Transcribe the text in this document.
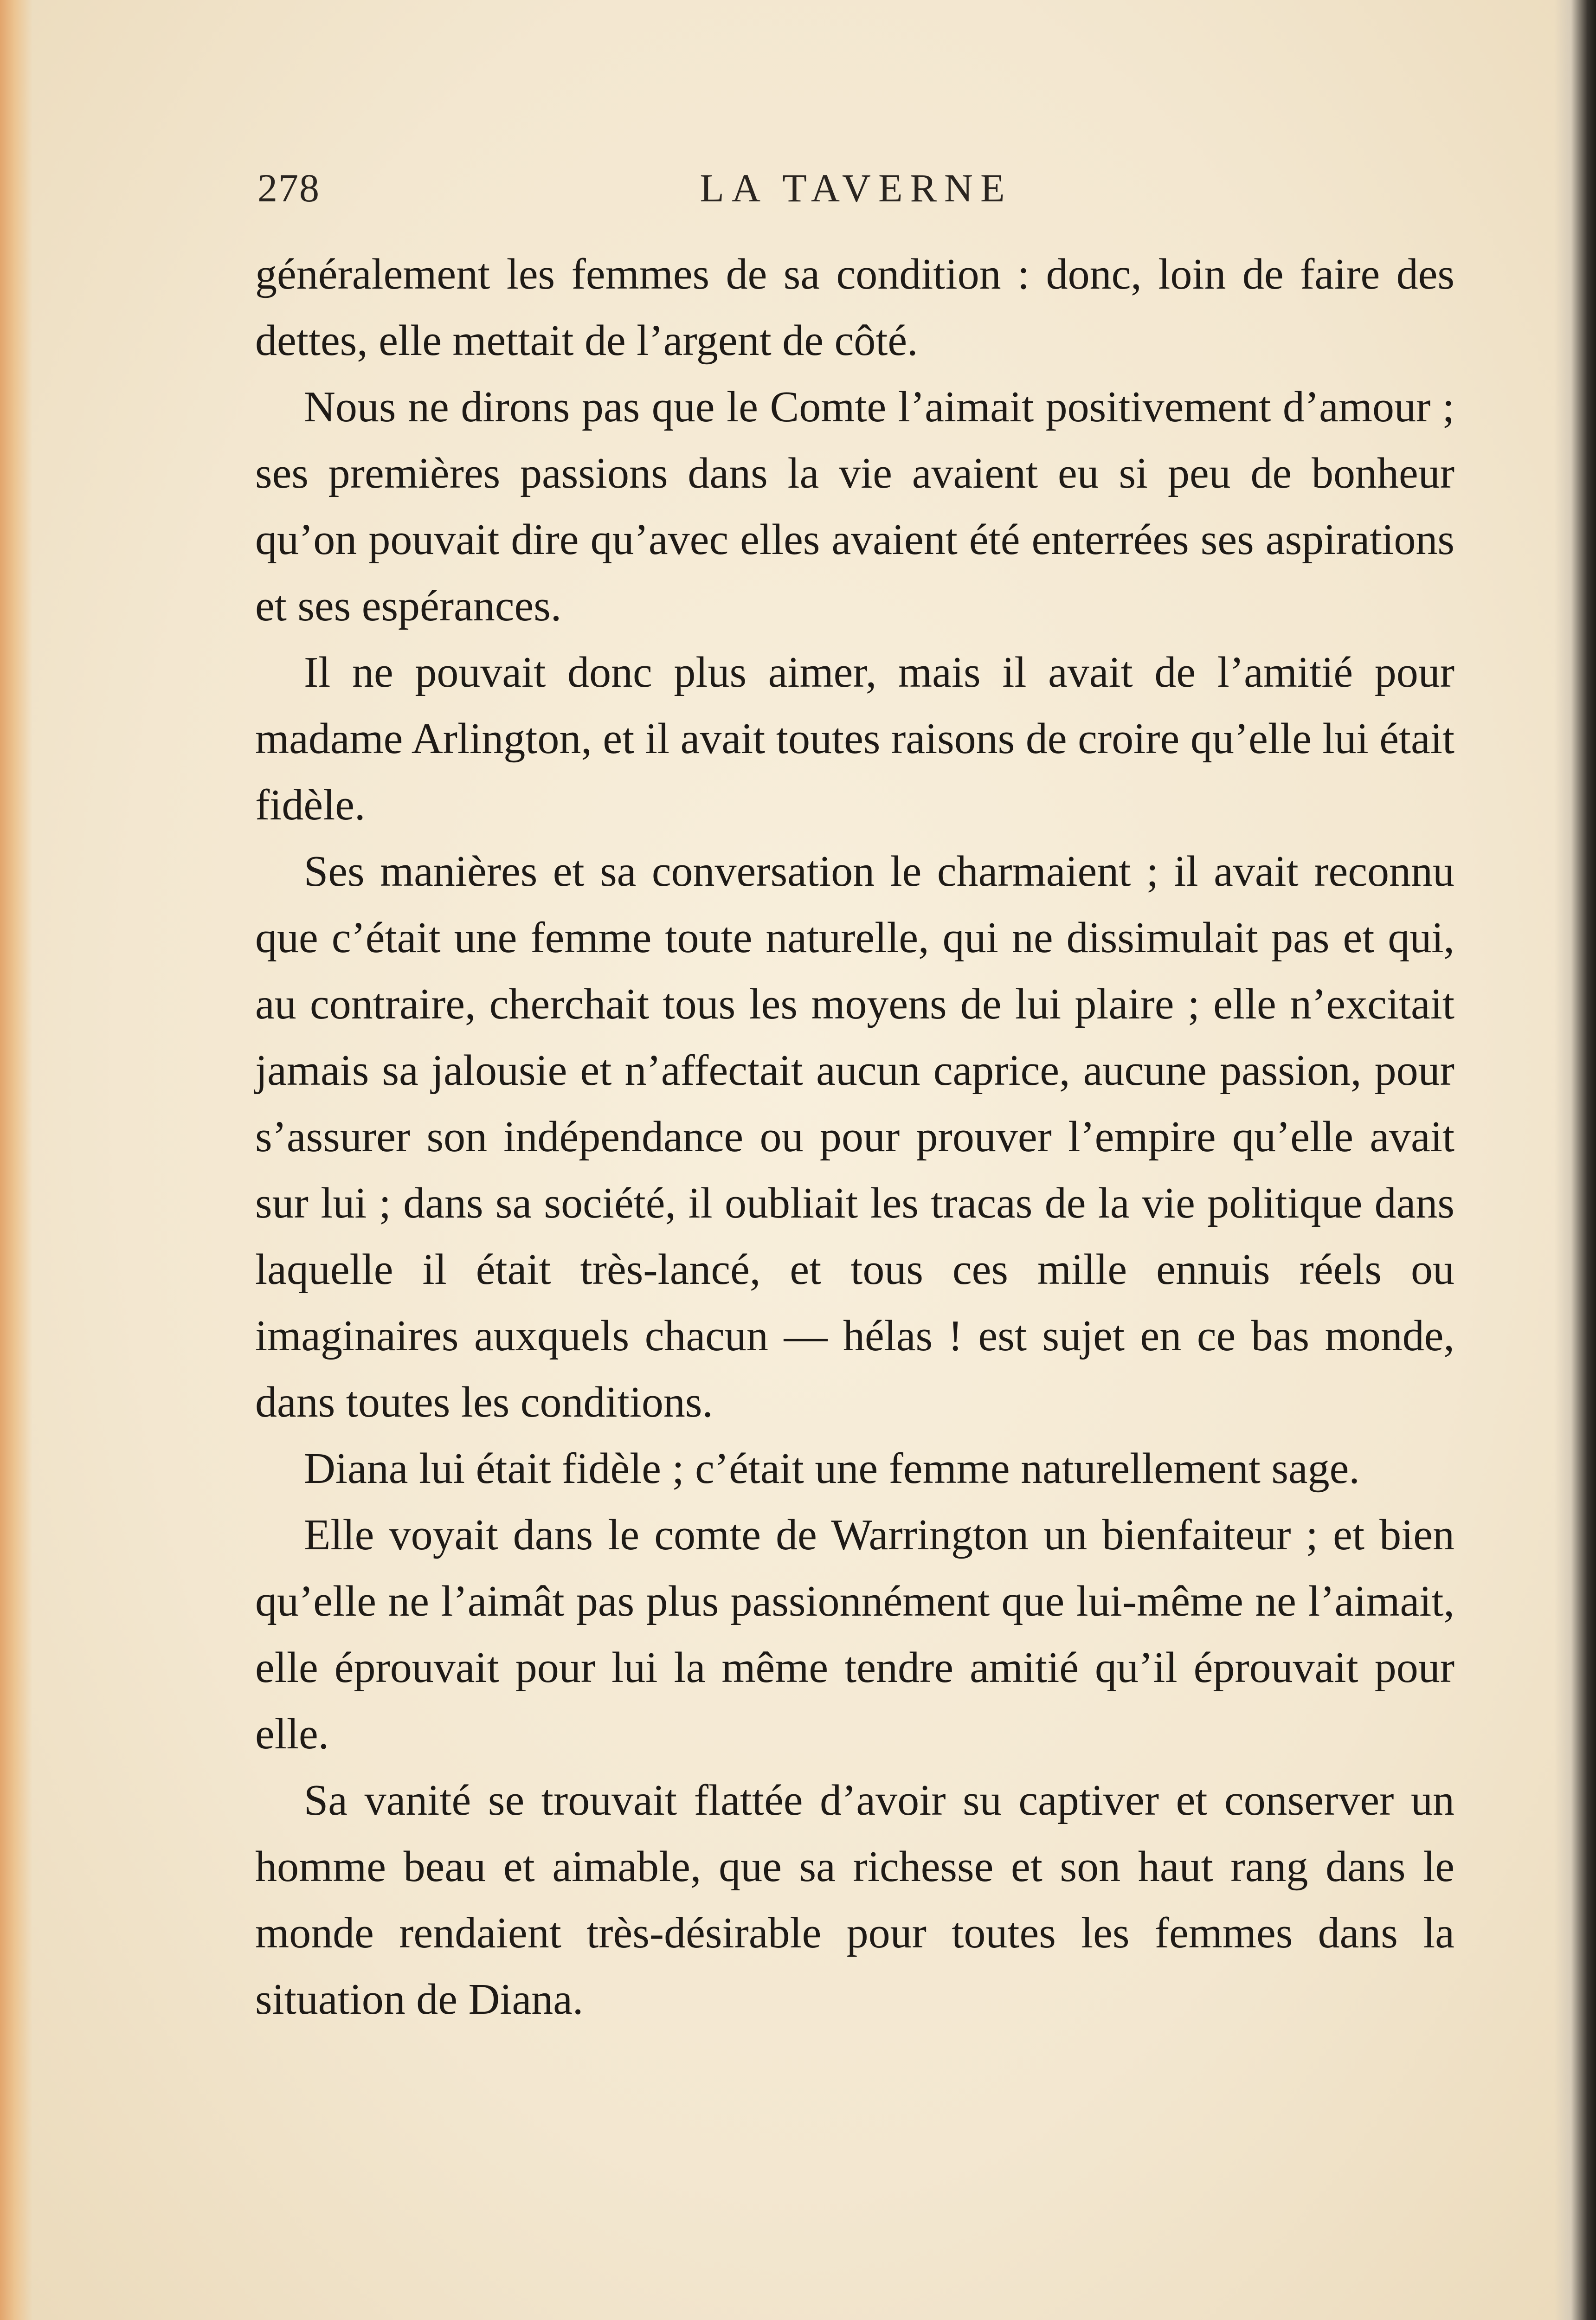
278	LA TAVERNE

généralement les femmes de sa condition : donc, loin de faire des dettes, elle mettait de l’argent de côté.

Nous ne dirons pas que le Comte l’aimait positivement d’amour ; ses premières passions dans la vie avaient eu si peu de bonheur qu’on pouvait dire qu’avec elles avaient été enterrées ses aspirations et ses espérances.

Il ne pouvait donc plus aimer, mais il avait de l’amitié pour madame Arlington, et il avait toutes raisons de croire qu’elle lui était fidèle.

Ses manières et sa conversation le charmaient ; il avait reconnu que c’était une femme toute naturelle, qui ne dissimulait pas et qui, au contraire, cherchait tous les moyens de lui plaire ; elle n’excitait jamais sa jalousie et n’affectait aucun caprice, aucune passion, pour s’assurer son indépendance ou pour prouver l’empire qu’elle avait sur lui ; dans sa société, il oubliait les tracas de la vie politique dans laquelle il était très-lancé, et tous ces mille ennuis réels ou imaginaires auxquels chacun — hélas ! est sujet en ce bas monde, dans toutes les conditions.

Diana lui était fidèle ; c’était une femme naturellement sage.

Elle voyait dans le comte de Warrington un bienfaiteur ; et bien qu’elle ne l’aimât pas plus passionnément que lui-même ne l’aimait, elle éprouvait pour lui la même tendre amitié qu’il éprouvait pour elle.

Sa vanité se trouvait flattée d’avoir su captiver et conserver un homme beau et aimable, que sa richesse et son haut rang dans le monde rendaient très-désirable pour toutes les femmes dans la situation de Diana.
